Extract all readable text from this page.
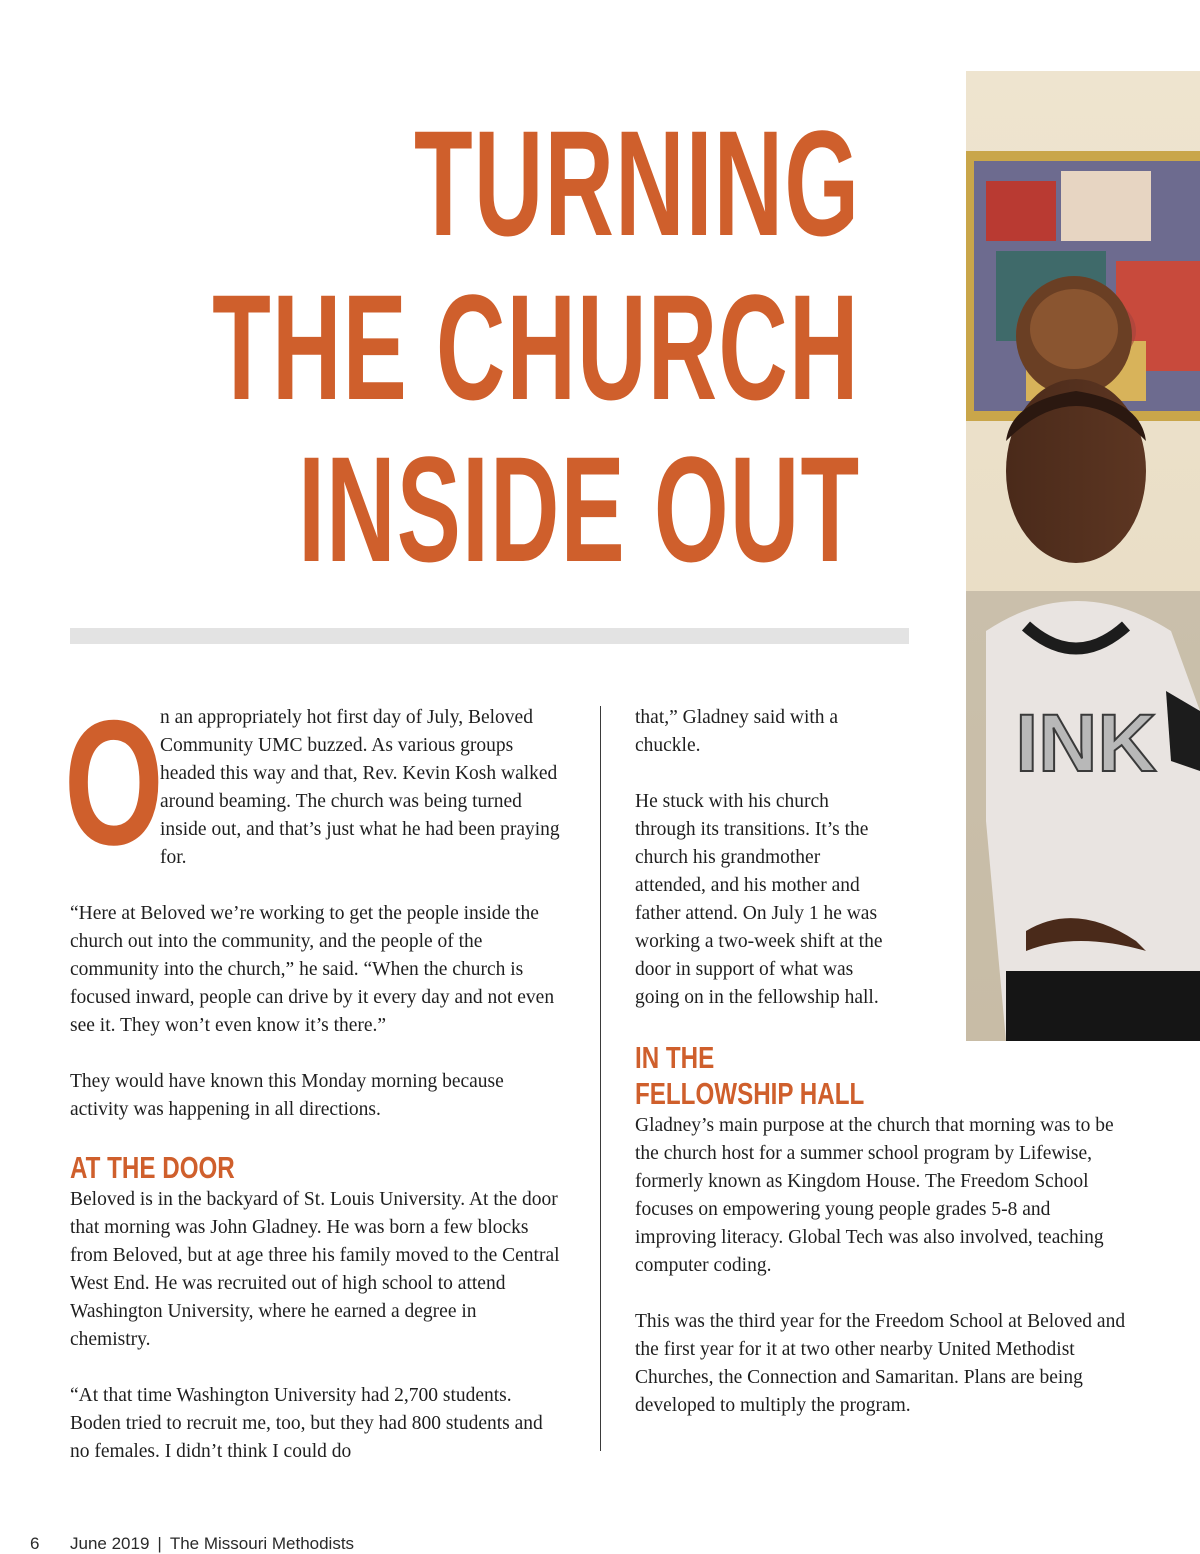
TURNING
THE CHURCH
INSIDE OUT
INK
O

n an appropriately hot first day of July, Beloved Community UMC buzzed. As various groups headed this way and that, Rev. Kevin Kosh walked around beaming. The church was being turned inside out, and that’s just what he had been praying for.

“Here at Beloved we’re working to get the people inside the church out into the community, and the people of the community into the church,” he said. “When the church is focused inward, people can drive by it every day and not even see it. They won’t even know it’s there.”

They would have known this Monday morning because activity was happening in all directions.

AT THE DOOR

Beloved is in the backyard of St. Louis University. At the door that morning was John Gladney. He was born a few blocks from Beloved, but at age three his family moved to the Central West End. He was recruited out of high school to attend Washington University, where he earned a degree in chemistry.

“At that time Washington University had 2,700 students. Boden tried to recruit me, too, but they had 800 students and no females. I didn’t think I could do

that,” Gladney said with a chuckle.

He stuck with his church through its transitions. It’s the church his grandmother attended, and his mother and father attend. On July 1 he was working a two-week shift at the door in support of what was going on in the fellowship hall.

IN THE
FELLOWSHIP HALL

Gladney’s main purpose at the church that morning was to be the church host for a summer school program by Lifewise, formerly known as Kingdom House. The Freedom School focuses on empowering young people grades 5-8 and improving literacy. Global Tech was also involved, teaching computer coding.

This was the third year for the Freedom School at Beloved and the first year for it at two other nearby United Methodist Churches, the Connection and Samaritan. Plans are being developed to multiply the program.

6 June 2019 | The Missouri Methodists
